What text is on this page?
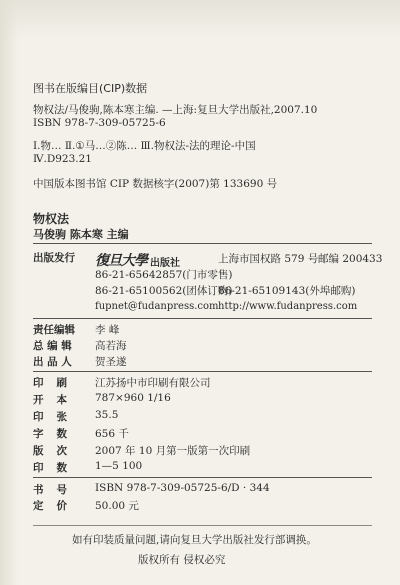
图书在版编目(CIP)数据
物权法/马俊驹,陈本寒主编. —上海:复旦大学出版社,2007.10
ISBN 978-7-309-05725-6
Ⅰ.物… Ⅱ.①马…②陈… Ⅲ.物权法-法的理论-中国
Ⅳ.D923.21
中国版本图书馆 CIP 数据核字(2007)第 133690 号
物权法
马俊驹 陈本寒 主编
出版发行 復旦大學 出版社	上海市国权路 579 号 邮编 200433
86-21-65642857(门市零售)
86-21-65100562(团体订购)
86-21-65109143(外埠邮购)
fupnet@fudanpress.com http://www.fudanpress.com
责任编辑 李 峰
总 编 辑 高若海
出 品 人 贺圣遂
印 刷	江苏扬中市印刷有限公司
开 本	787×960 1/16
印 张	35.5
字 数	656 千
版 次	2007 年 10 月第一版第一次印刷
印 数	1—5 100
书 号	ISBN 978-7-309-05725-6/D · 344
定 价	50.00 元
如有印装质量问题,请向复旦大学出版社发行部调换。
版权所有 侵权必究
